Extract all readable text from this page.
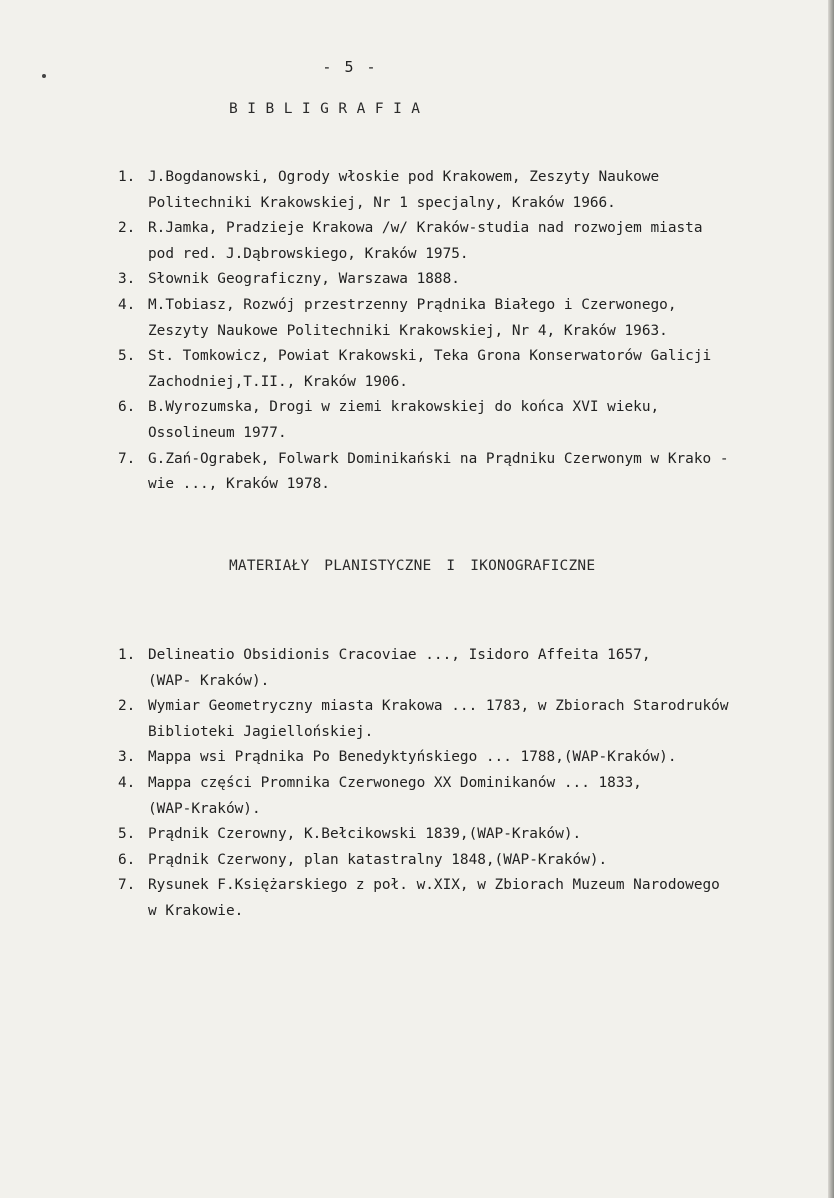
- 5 -
BIBLIGRAFIA
1. J.Bogdanowski, Ogrody włoskie pod Krakowem, Zeszyty Naukowe
Politechniki Krakowskiej, Nr 1 specjalny, Kraków 1966.
2. R.Jamka, Pradzieje Krakowa /w/ Kraków-studia nad rozwojem miasta
pod red. J.Dąbrowskiego, Kraków 1975.
3. Słownik Geograficzny, Warszawa 1888.
4. M.Tobiasz, Rozwój przestrzenny Prądnika Białego i Czerwonego,
Zeszyty Naukowe Politechniki Krakowskiej, Nr 4, Kraków 1963.
5. St. Tomkowicz, Powiat Krakowski, Teka Grona Konserwatorów Galicji
Zachodniej,T.II., Kraków 1906.
6. B.Wyrozumska, Drogi w ziemi krakowskiej do końca XVI wieku,
Ossolineum 1977.
7. G.Zań-Ograbek, Folwark Dominikański na Prądniku Czerwonym w Krako -
wie ..., Kraków 1978.
MATERIAŁY PLANISTYCZNE I IKONOGRAFICZNE
1. Delineatio Obsidionis Cracoviae ..., Isidoro Affeita 1657,
(WAP- Kraków).
2. Wymiar Geometryczny miasta Krakowa ... 1783, w Zbiorach Starodruków
Biblioteki Jagiellońskiej.
3. Mappa wsi Prądnika Po Benedyktyńskiego ... 1788,(WAP-Kraków).
4. Mappa części Promnika Czerwonego XX Dominikanów ... 1833,
(WAP-Kraków).
5. Prądnik Czerowny, K.Bełcikowski 1839,(WAP-Kraków).
6. Prądnik Czerwony, plan katastralny 1848,(WAP-Kraków).
7. Rysunek F.Księżarskiego z poł. w.XIX, w Zbiorach Muzeum Narodowego
w Krakowie.
